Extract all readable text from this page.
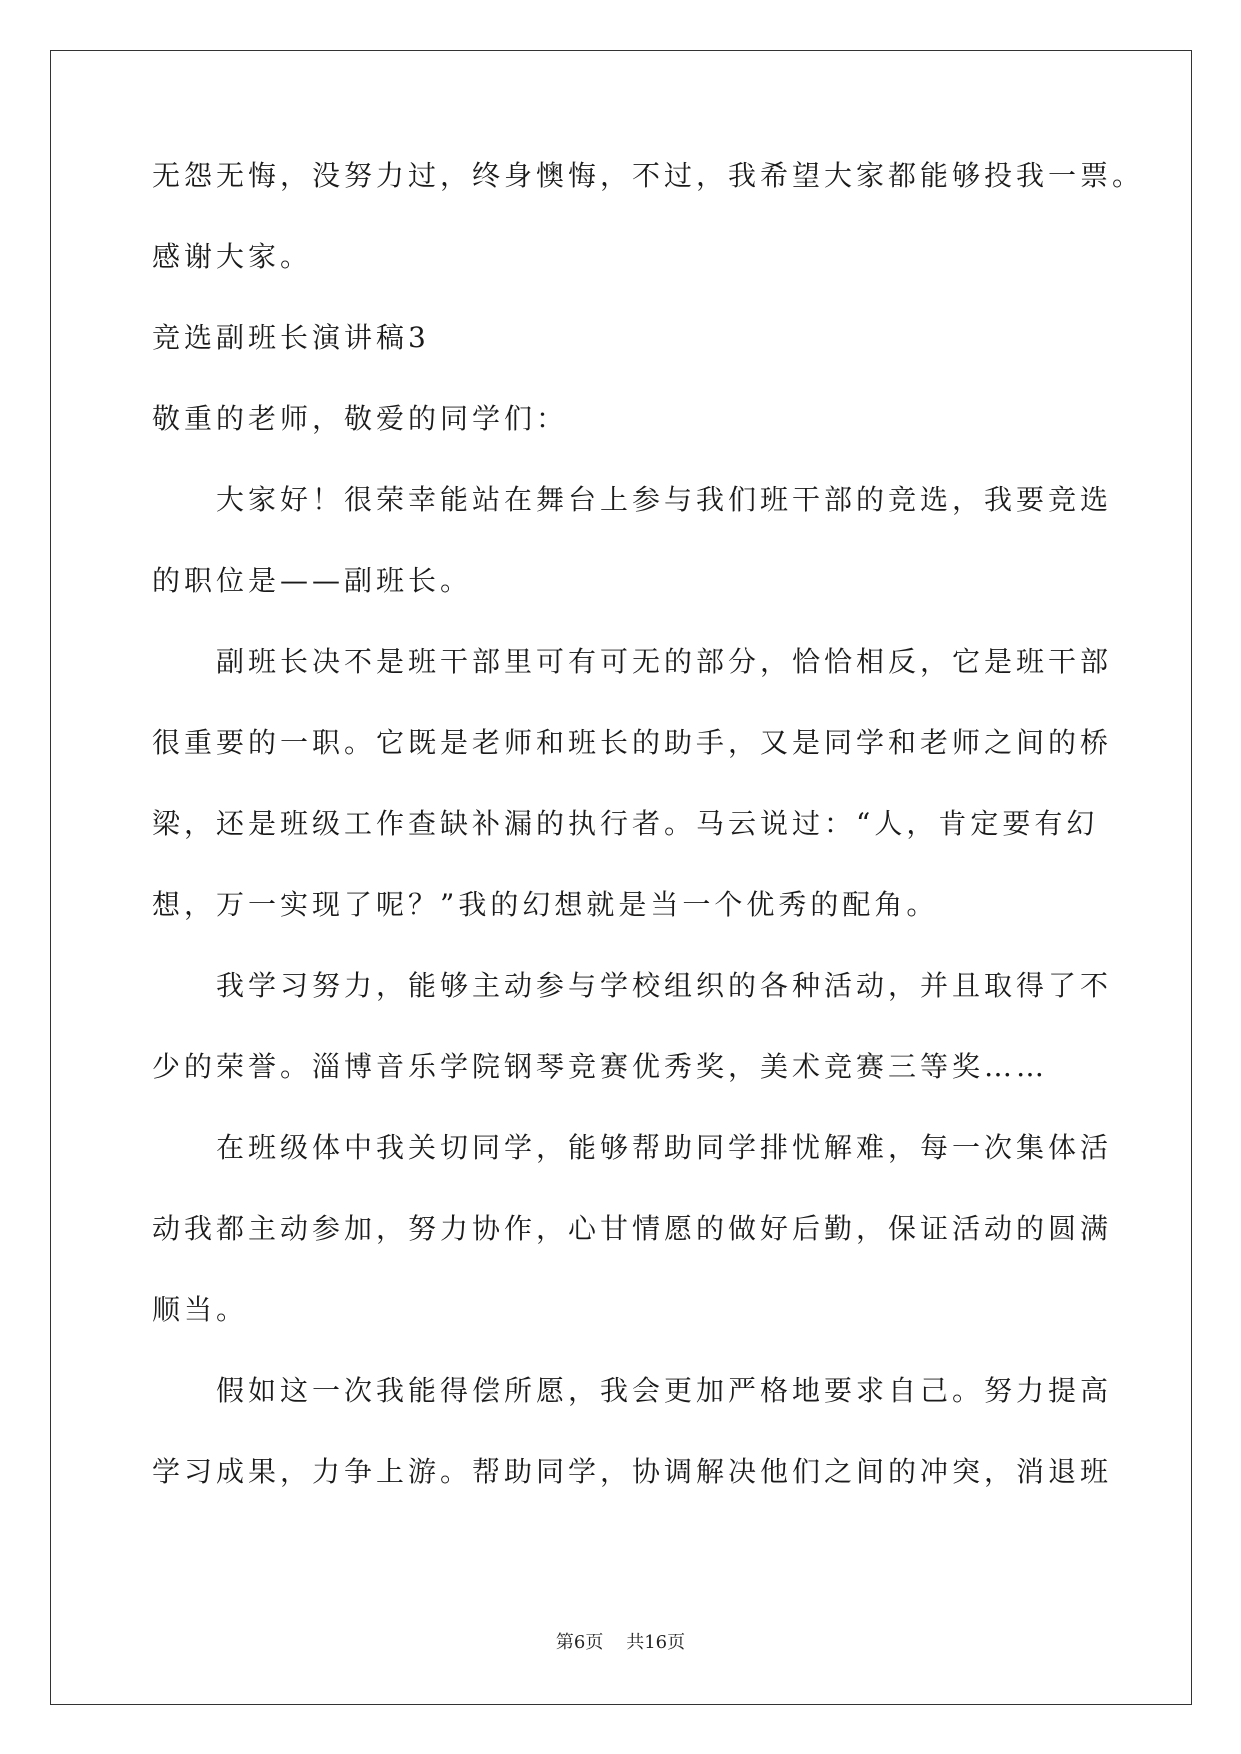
无怨无悔，没努力过，终身懊悔，不过，我希望大家都能够投我一票。

感谢大家。

竞选副班长演讲稿3

敬重的老师，敬爱的同学们：

大家好！很荣幸能站在舞台上参与我们班干部的竞选，我要竞选

的职位是——副班长。

副班长决不是班干部里可有可无的部分，恰恰相反，它是班干部

很重要的一职。它既是老师和班长的助手，又是同学和老师之间的桥

梁，还是班级工作查缺补漏的执行者。马云说过：“人，肯定要有幻

想，万一实现了呢？”我的幻想就是当一个优秀的配角。

我学习努力，能够主动参与学校组织的各种活动，并且取得了不

少的荣誉。淄博音乐学院钢琴竞赛优秀奖，美术竞赛三等奖……

在班级体中我关切同学，能够帮助同学排忧解难，每一次集体活

动我都主动参加，努力协作，心甘情愿的做好后勤，保证活动的圆满

顺当。

假如这一次我能得偿所愿，我会更加严格地要求自己。努力提高

学习成果，力争上游。帮助同学，协调解决他们之间的冲突，消退班

第6页 共16页
